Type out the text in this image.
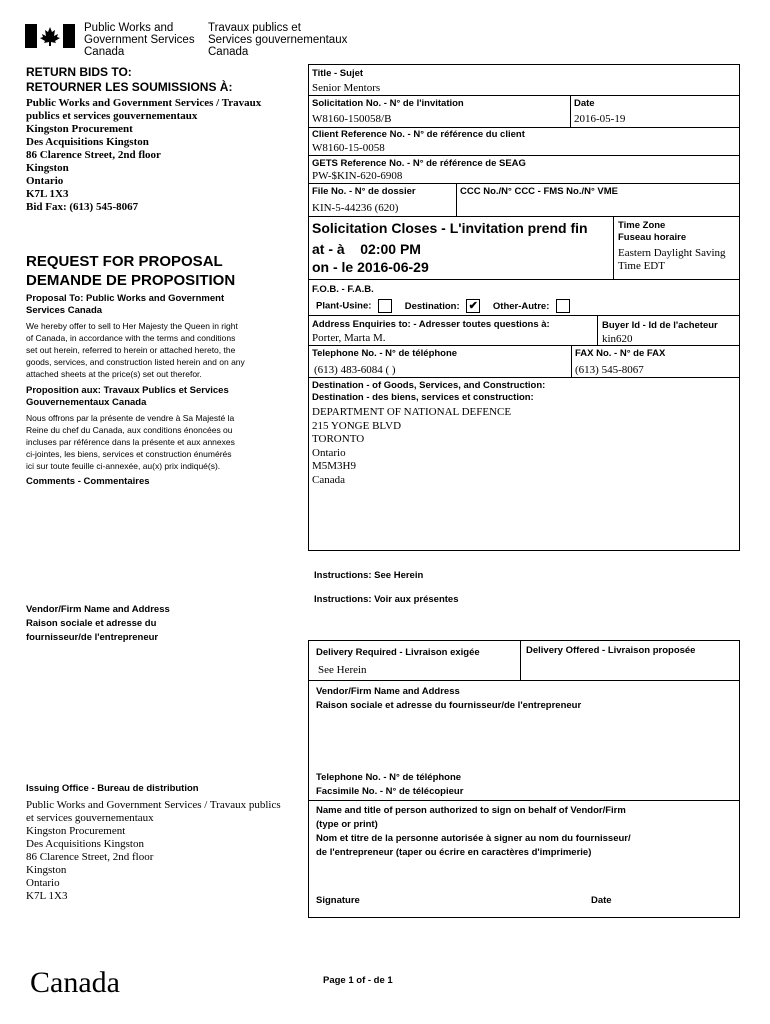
Public Works and
Government Services
Canada
Travaux publics et
Services gouvernementaux
Canada
RETURN BIDS TO:
RETOURNER LES SOUMISSIONS À:
Public Works and Government Services / Travaux
publics et services gouvernementaux
Kingston Procurement
Des Acquisitions Kingston
86 Clarence Street, 2nd floor
Kingston
Ontario
K7L 1X3
Bid Fax: (613) 545-8067
REQUEST FOR PROPOSAL
DEMANDE DE PROPOSITION
Proposal To: Public Works and Government
Services Canada
We hereby offer to sell to Her Majesty the Queen in right
of Canada, in accordance with the terms and conditions
set out herein, referred to herein or attached hereto, the
goods, services, and construction listed herein and on any
attached sheets at the price(s) set out therefor.
Proposition aux: Travaux Publics et Services
Gouvernementaux Canada
Nous offrons par la présente de vendre à Sa Majesté la
Reine du chef du Canada, aux conditions énoncées ou
incluses par référence dans la présente et aux annexes
ci-jointes, les biens, services et construction énumérés
ici sur toute feuille ci-annexée, au(x) prix indiqué(s).
Comments - Commentaires
Vendor/Firm Name and Address
Raison sociale et adresse du
fournisseur/de l'entrepreneur
Issuing Office - Bureau de distribution
Public Works and Government Services / Travaux publics
et services gouvernementaux
Kingston Procurement
Des Acquisitions Kingston
86 Clarence Street, 2nd floor
Kingston
Ontario
K7L 1X3
Canada
Title - Sujet
Senior Mentors
Solicitation No. - N° de l'invitation
W8160-150058/B
Date
2016-05-19
Client Reference No. - N° de référence du client
W8160-15-0058
GETS Reference No. - N° de référence de SEAG
PW-$KIN-620-6908
File No. - N° de dossier
KIN-5-44236 (620)
CCC No./N° CCC - FMS No./N° VME
Solicitation Closes - L'invitation prend fin
at - à 02:00 PM
on - le 2016-06-29
Time Zone
Fuseau horaire
Eastern Daylight Saving
Time EDT
F.O.B. - F.A.B.
Plant-Usine:	Destination: ✔ Other-Autre:
Address Enquiries to: - Adresser toutes questions à:
Porter, Marta M.
Buyer Id - Id de l'acheteur
kin620
Telephone No. - N° de téléphone
(613) 483-6084 ( )
FAX No. - N° de FAX
(613) 545-8067
Destination - of Goods, Services, and Construction:
Destination - des biens, services et construction:
DEPARTMENT OF NATIONAL DEFENCE
215 YONGE BLVD
TORONTO
Ontario
M5M3H9
Canada
Instructions: See Herein
Instructions: Voir aux présentes
Delivery Required - Livraison exigée
See Herein
Delivery Offered - Livraison proposée
Vendor/Firm Name and Address
Raison sociale et adresse du fournisseur/de l'entrepreneur
Telephone No. - N° de téléphone
Facsimile No. - N° de télécopieur
Name and title of person authorized to sign on behalf of Vendor/Firm
(type or print)
Nom et titre de la personne autorisée à signer au nom du fournisseur/
de l'entrepreneur (taper ou écrire en caractères d'imprimerie)
Signature	Date
Page 1 of - de 1
